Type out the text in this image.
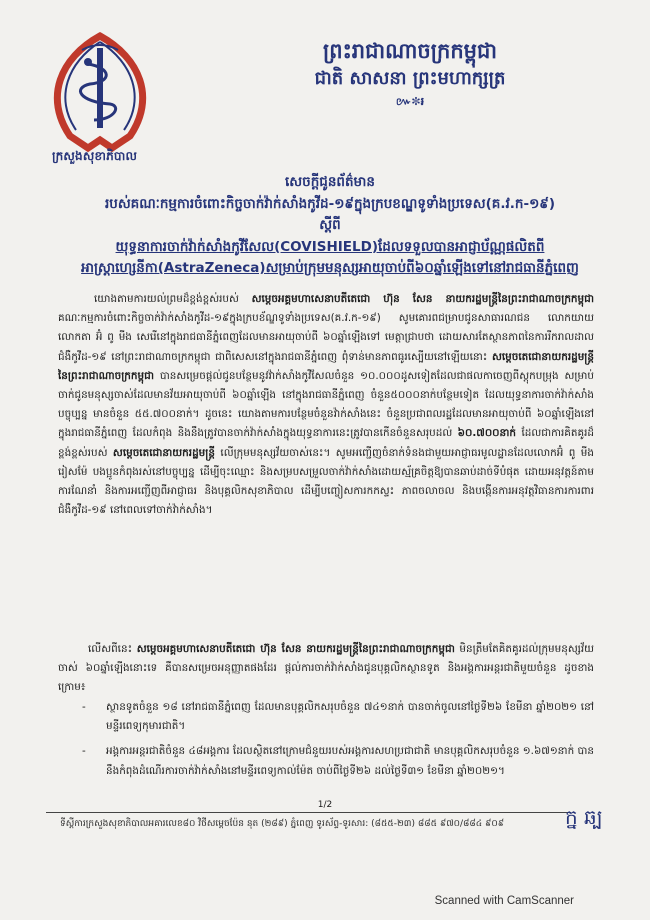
ក្រសួងសុខាភិបាល
ព្រះរាជាណាចក្រកម្ពុជា
ជាតិ សាសនា ព្រះមហាក្សត្រ
៚✼៛
សេចក្តីជូនព័ត៌មាន
របស់គណៈកម្មការចំពោះកិច្ចចាក់វ៉ាក់សាំងកូវីដ-១៩ក្នុងក្របខណ្ឌទូទាំងប្រទេស(គ.វ.ក-១៩)
ស្តីពី
យុទ្ធនាការចាក់វ៉ាក់សាំងកូវីសែល(COVISHIELD)ដែលទទួលបានអាជ្ញាប័ណ្ណផលិតពី
អាស្ត្រាហ្សេនីកា(AstraZeneca)សម្រាប់ក្រុមមនុស្សអាយុចាប់ពី៦០ឆ្នាំឡើងទៅនៅរាជធានីភ្នំពេញ
យោងតាមការយល់ព្រមដ៏ខ្ពង់ខ្ពស់របស់ សម្តេចអគ្គមហាសេនាបតីតេជោ ហ៊ុន សែន នាយករដ្ឋមន្ត្រីនៃព្រះរាជាណាចក្រកម្ពុជា គណៈកម្មការចំពោះកិច្ចចាក់វ៉ាក់សាំងកូវីដ-១៩ក្នុងក្របខ័ណ្ឌទូទាំងប្រទេស(គ.វ.ក-១៩) សូមគោរពជម្រាបជូនសាធារណជន លោកយាយ លោកតា អ៊ំ ពូ មីង សេរើនៅក្នុងរាជធានីភ្នំពេញដែលមានអាយុចាប់ពី ៦០ឆ្នាំឡើងទៅ មេត្តាជ្រាបថា ដោយសារតែស្ថានភាពនៃការរីករាលដាលជំងឺកូវីដ-១៩ នៅព្រះរាជាណាចក្រកម្ពុជា ជាពិសេសនៅក្នុងរាជធានីភ្នំពេញ ពុំទាន់មានភាពធូរស្បើយនៅឡើយនោះ សម្តេចតេជោនាយករដ្ឋមន្ត្រីនៃព្រះរាជាណាចក្រកម្ពុជា បានសម្រេចផ្តល់ជូនបន្ថែមនូវវ៉ាក់សាំងកូវីសែលចំនួន ១០.០០០ដូសទៀតដែលជាផលកាចេញពីស្តុកបម្រុង សម្រាប់ចាក់ជូនមនុស្សចាស់ដែលមានវ័យអាយុចាប់ពី ៦០ឆ្នាំឡើង នៅក្នុងរាជធានីភ្នំពេញ ចំនួន៥០០០នាក់បន្ថែមទៀត ដែលយុទ្ធនាការចាក់វ៉ាក់សាំងបច្ចុប្បន្ន មានចំនួន ៥៥.៧០០នាក់។ ដូចនេះ យោងតាមការបន្ថែមចំនួនវ៉ាក់សាំងនេះ ចំនួនប្រជាពលរដ្ឋដែលមានអាយុចាប់ពី ៦០ឆ្នាំឡើងនៅក្នុងរាជធានីភ្នំពេញ ដែលកំពុង និងនឹងត្រូវបានចាក់វ៉ាក់សាំងក្នុងយុទ្ធនាការនេះត្រូវបានកើនចំនួនសរុបដល់ ៦០.៧០០នាក់ ដែលជាការគិតគូរដ៏ខ្ពង់ខ្ពស់របស់ សម្តេចតេជោនាយករដ្ឋមន្ត្រី លើក្រុមមនុស្សវ័យចាស់នេះ។ សូមអញ្ជើញចំនាក់ទំនងជាមួយអាជ្ញាធរមូលដ្ឋានដែលលោកអ៊ំ ពូ មីង រៀសម៉ែ បងប្អូនកំពុងរស់នៅបច្ចុប្បន្ន ដើម្បីចុះឈ្មោះ និងសម្របសម្រួលចាក់វ៉ាក់សាំងដោយស្ម័គ្រចិត្តឱ្យបានឆាប់ដាច់ទីបំផុត ដោយអនុវត្តន៍តាមការណែនាំ និងការអញ្ជើញពីអាជ្ញាធរ និងបុគ្គលិកសុខាភិបាល ដើម្បីបញ្ចៀសការកកស្ទះ ភាពចលាចល និងបង្កើនការអនុវត្តវិធានការការពារជំងឺកូវីដ-១៩ នៅពេលទៅចាក់វ៉ាក់សាំង។
លើសពីនេះ សម្តេចអគ្គមហាសេនាបតីតេជោ ហ៊ុន សែន នាយករដ្ឋមន្ត្រីនៃព្រះរាជាណាចក្រកម្ពុជា មិនត្រឹមតែគិតគូរដល់ក្រុមមនុស្សវ័យចាស់ ៦០ឆ្នាំឡើងនោះទេ គឺបានសម្រេចអនុញ្ញាតផងដែរ ផ្តល់ការចាក់វ៉ាក់សាំងជូនបុគ្គលិកស្ថានទូត និងអង្គការអន្តរជាតិមួយចំនួន ដូចខាងក្រោម៖
- ស្ថានទូតចំនួន ១៨ នៅរាជធានីភ្នំពេញ ដែលមានបុគ្គលិកសរុបចំនួន ៧៤១នាក់ បានចាក់ចូលនៅថ្ងៃទី២៦ ខែមីនា ឆ្នាំ២០២១ នៅមន្ទីរពេទ្យកុមារជាតិ។
- អង្គការអន្តរជាតិចំនួន ៤៨អង្គការ ដែលស្ថិតនៅក្រោមជំនួយរបស់អង្គការសហប្រជាជាតិ មានបុគ្គលិកសរុបចំនួន ១.៦៧១នាក់ បាននឹងកំពុងដំណើរការចាក់វ៉ាក់សាំងនៅមន្ទីរពេទ្យកាល់ម៉ែត ចាប់ពីថ្ងៃទី២៦ ដល់ថ្ងៃទី៣១ ខែមីនា ឆ្នាំ២០២១។
1/2
ទីស្តីការក្រសួងសុខាភិបាលអគារលេខ៨០ វិថីសម្ដេចប៉ែន នុត (២៨៩) ភ្នំពេញ ទូរស័ព្ទ-ទូរសារ: (៨៥៥-២៣) ៨៨៥ ៩៧០/៨៨៤ ៩០៩	ក្ន ឆ្ប
Scanned with CamScanner
